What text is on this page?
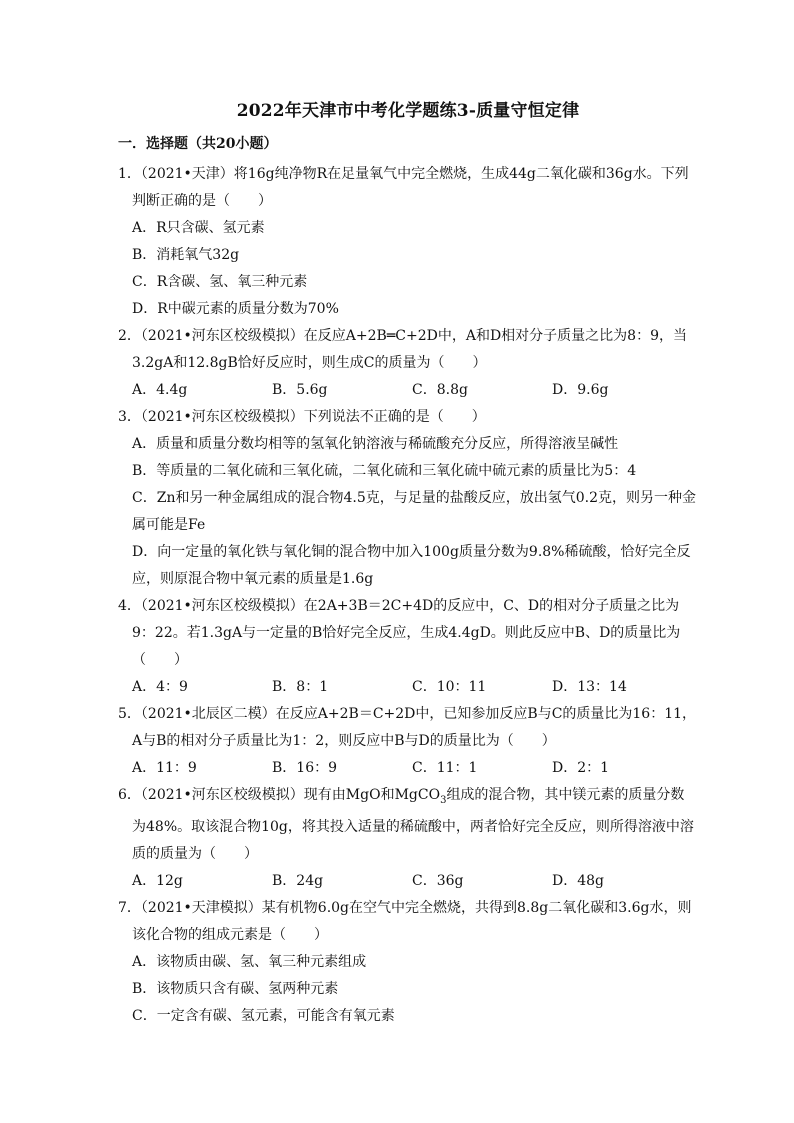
2022年天津市中考化学题练3-质量守恒定律
一．选择题（共20小题）

1．（2021•天津）将16g纯净物R在足量氧气中完全燃烧，生成44g二氧化碳和36g水。下列判断正确的是（　　）

A．R只含碳、氢元素

B．消耗氧气32g

C．R含碳、氢、氧三种元素

D．R中碳元素的质量分数为70%

2．（2021•河东区校级模拟）在反应A+2B═C+2D中，A和D相对分子质量之比为8：9，当3.2gA和12.8gB恰好反应时，则生成C的质量为（　　）

A．4.4g	B．5.6g	C．8.8g	D．9.6g

3．（2021•河东区校级模拟）下列说法不正确的是（　　）

A．质量和质量分数均相等的氢氧化钠溶液与稀硫酸充分反应，所得溶液呈碱性

B．等质量的二氧化硫和三氧化硫，二氧化硫和三氧化硫中硫元素的质量比为5：4

C．Zn和另一种金属组成的混合物4.5克，与足量的盐酸反应，放出氢气0.2克，则另一种金属可能是Fe

D．向一定量的氧化铁与氧化铜的混合物中加入100g质量分数为9.8%稀硫酸，恰好完全反应，则原混合物中氧元素的质量是1.6g

4．（2021•河东区校级模拟）在2A+3B＝2C+4D的反应中，C、D的相对分子质量之比为9：22。若1.3gA与一定量的B恰好完全反应，生成4.4gD。则此反应中B、D的质量比为（　　）

A．4：9	B．8：1	C．10：11	D．13：14

5．（2021•北辰区二模）在反应A+2B＝C+2D中，已知参加反应B与C的质量比为16：11，A与B的相对分子质量比为1：2，则反应中B与D的质量比为（　　）

A．11：9	B．16：9	C．11：1	D．2：1

6．（2021•河东区校级模拟）现有由MgO和MgCO$_3$组成的混合物，其中镁元素的质量分数为48%。取该混合物10g，将其投入适量的稀硫酸中，两者恰好完全反应，则所得溶液中溶质的质量为（　　）

A．12g	B．24g	C．36g	D．48g

7．（2021•天津模拟）某有机物6.0g在空气中完全燃烧，共得到8.8g二氧化碳和3.6g水，则该化合物的组成元素是（　　）

A．该物质由碳、氢、氧三种元素组成

B．该物质只含有碳、氢两种元素

C．一定含有碳、氢元素，可能含有氧元素
